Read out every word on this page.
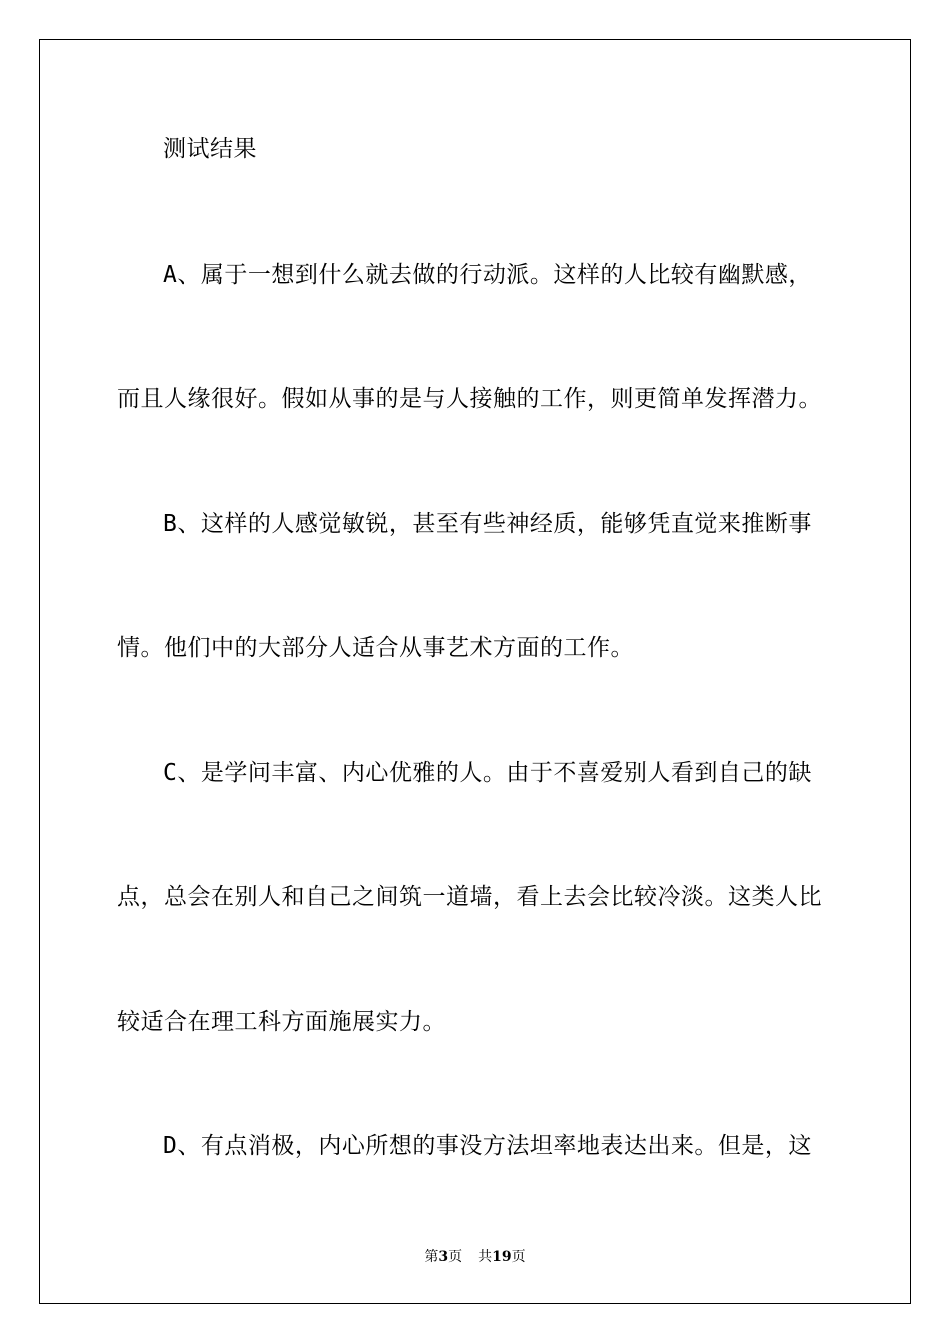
测试结果
A、属于一想到什么就去做的行动派。这样的人比较有幽默感，
而且人缘很好。假如从事的是与人接触的工作，则更简单发挥潜力。
B、这样的人感觉敏锐，甚至有些神经质，能够凭直觉来推断事
情。他们中的大部分人适合从事艺术方面的工作。
C、是学问丰富、内心优雅的人。由于不喜爱别人看到自己的缺
点，总会在别人和自己之间筑一道墙，看上去会比较冷淡。这类人比
较适合在理工科方面施展实力。
D、有点消极，内心所想的事没方法坦率地表达出来。但是，这
第3页 共19页
